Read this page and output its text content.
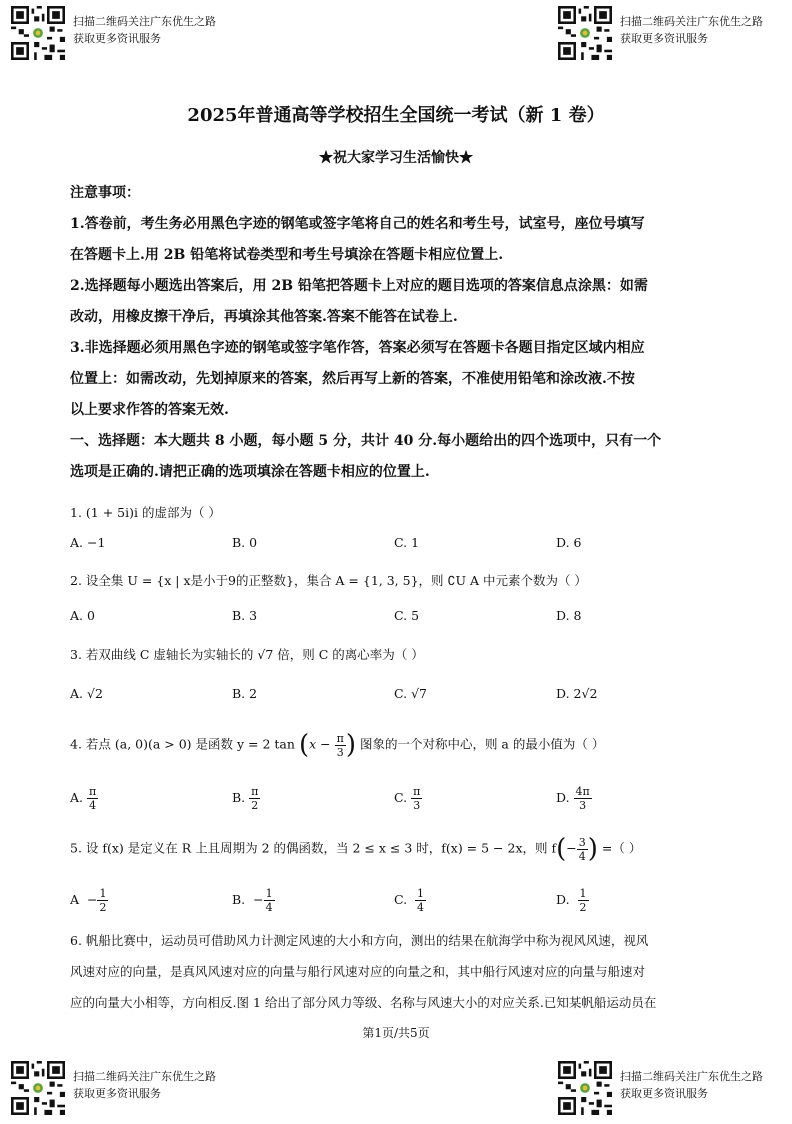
扫描二维码关注广东优生之路
获取更多资讯服务
扫描二维码关注广东优生之路
获取更多资讯服务
2025年普通高等学校招生全国统一考试（新 1 卷）
★祝大家学习生活愉快★
注意事项：
1.答卷前，考生务必用黑色字迹的钢笔或签字笔将自己的姓名和考生号，试室号，座位号填写
在答题卡上.用 2B 铅笔将试卷类型和考生号填涂在答题卡相应位置上.
2.选择题每小题选出答案后，用 2B 铅笔把答题卡上对应的题目选项的答案信息点涂黑：如需
改动，用橡皮擦干净后，再填涂其他答案.答案不能答在试卷上.
3.非选择题必须用黑色字迹的钢笔或签字笔作答，答案必须写在答题卡各题目指定区域内相应
位置上：如需改动，先划掉原来的答案，然后再写上新的答案，不准使用铅笔和涂改液.不按
以上要求作答的答案无效.
一、选择题：本大题共 8 小题，每小题 5 分，共计 40 分.每小题给出的四个选项中，只有一个
选项是正确的.请把正确的选项填涂在答题卡相应的位置上.
1. (1 + 5i)i 的虚部为（ ）
A. −1	B. 0	C. 1	D. 6
2. 设全集 U = {x | x是小于9的正整数}，集合 A = {1, 3, 5}，则 ∁U A 中元素个数为（ ）
A. 0	B. 3	C. 5	D. 8
3. 若双曲线 C 虚轴长为实轴长的 √7 倍，则 C 的离心率为（ ）
A. √2	B. 2	C. √7	D. 2√2
4. 若点 (a, 0)(a > 0) 是函数 y = 2 $\tan (x - \frac{\pi}{3}$ ) 图象的一个对称中心，则 a 的最小值为（ ）
A. $\frac{\pi}{4}$	B. $\frac{\pi}{2}$	C. $\frac{\pi}{3}$	D. $\frac{4\pi}{3}$
5. 设 f(x) 是定义在 R 上且周期为 2 的偶函数，当 2 ≤ x ≤ 3 时，f(x) = 5 − 2x，则 $f(- \frac{3}{4}$ ) =（ ）
$A - \frac{1}{2}$	B. − $\frac{1}{4}$	C. $\frac{1}{4}$	D. $\frac{1}{2}$
6. 帆船比赛中，运动员可借助风力计测定风速的大小和方向，测出的结果在航海学中称为视风风速，视风
风速对应的向量，是真风风速对应的向量与船行风速对应的向量之和，其中船行风速对应的向量与船速对
应的向量大小相等，方向相反.图 1 给出了部分风力等级、名称与风速大小的对应关系.已知某帆船运动员在
第1页/共5页
扫描二维码关注广东优生之路
获取更多资讯服务
扫描二维码关注广东优生之路
获取更多资讯服务
